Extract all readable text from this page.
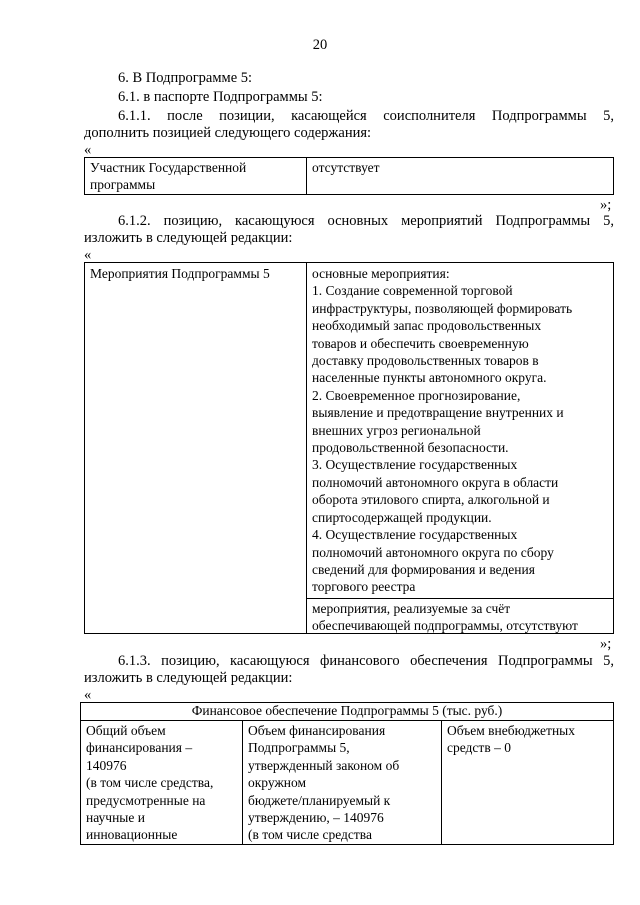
20
6. В Подпрограмме 5:
6.1. в паспорте Подпрограммы 5:
6.1.1. после позиции, касающейся соисполнителя Подпрограммы 5,
дополнить позицией следующего содержания:
«
Участник Государственной
программы
отсутствует
»;
6.1.2. позицию, касающуюся основных мероприятий Подпрограммы 5,
изложить в следующей редакции:
«
Мероприятия Подпрограммы 5	основные мероприятия:
1. Создание современной торговой
инфраструктуры, позволяющей формировать
необходимый запас продовольственных
товаров и обеспечить своевременную
доставку продовольственных товаров в
населенные пункты автономного округа.
2. Своевременное прогнозирование,
выявление и предотвращение внутренних и
внешних угроз региональной
продовольственной безопасности.
3. Осуществление государственных
полномочий автономного округа в области
оборота этилового спирта, алкогольной и
спиртосодержащей продукции.
4. Осуществление государственных
полномочий автономного округа по сбору
сведений для формирования и ведения
торгового реестра
мероприятия, реализуемые за счёт
обеспечивающей подпрограммы, отсутствуют
»;
6.1.3. позицию, касающуюся финансового обеспечения Подпрограммы 5,
изложить в следующей редакции:
«
Финансовое обеспечение Подпрограммы 5 (тыс. руб.)
Общий объем
финансирования –
140976
(в том числе средства,
предусмотренные на
научные и
инновационные
Объем финансирования
Подпрограммы 5,
утвержденный законом об
окружном
бюджете/планируемый к
утверждению, – 140976
(в том числе средства
Объем внебюджетных
средств – 0
